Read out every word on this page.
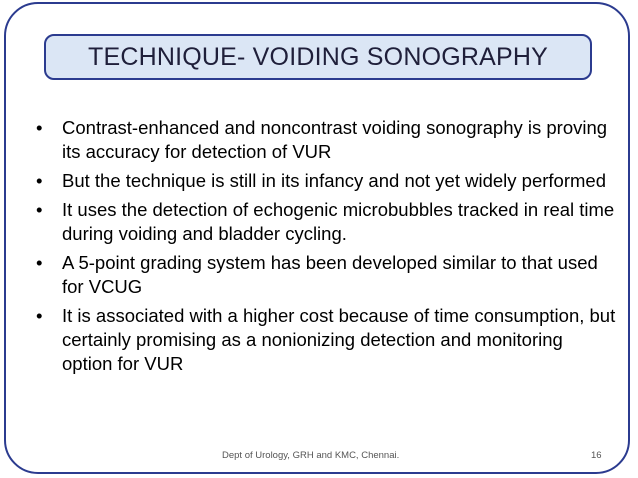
TECHNIQUE- VOIDING SONOGRAPHY
• Contrast-enhanced and noncontrast voiding sonography is proving its accuracy for detection of VUR
• But the technique is still in its infancy and not yet widely performed
• It uses the detection of echogenic microbubbles tracked in real time during voiding and bladder cycling.
• A 5-point grading system has been developed similar to that used for VCUG
• It is associated with a higher cost because of time consumption, but certainly promising as a nonionizing detection and monitoring option for VUR
Dept of Urology, GRH and KMC, Chennai.	16
